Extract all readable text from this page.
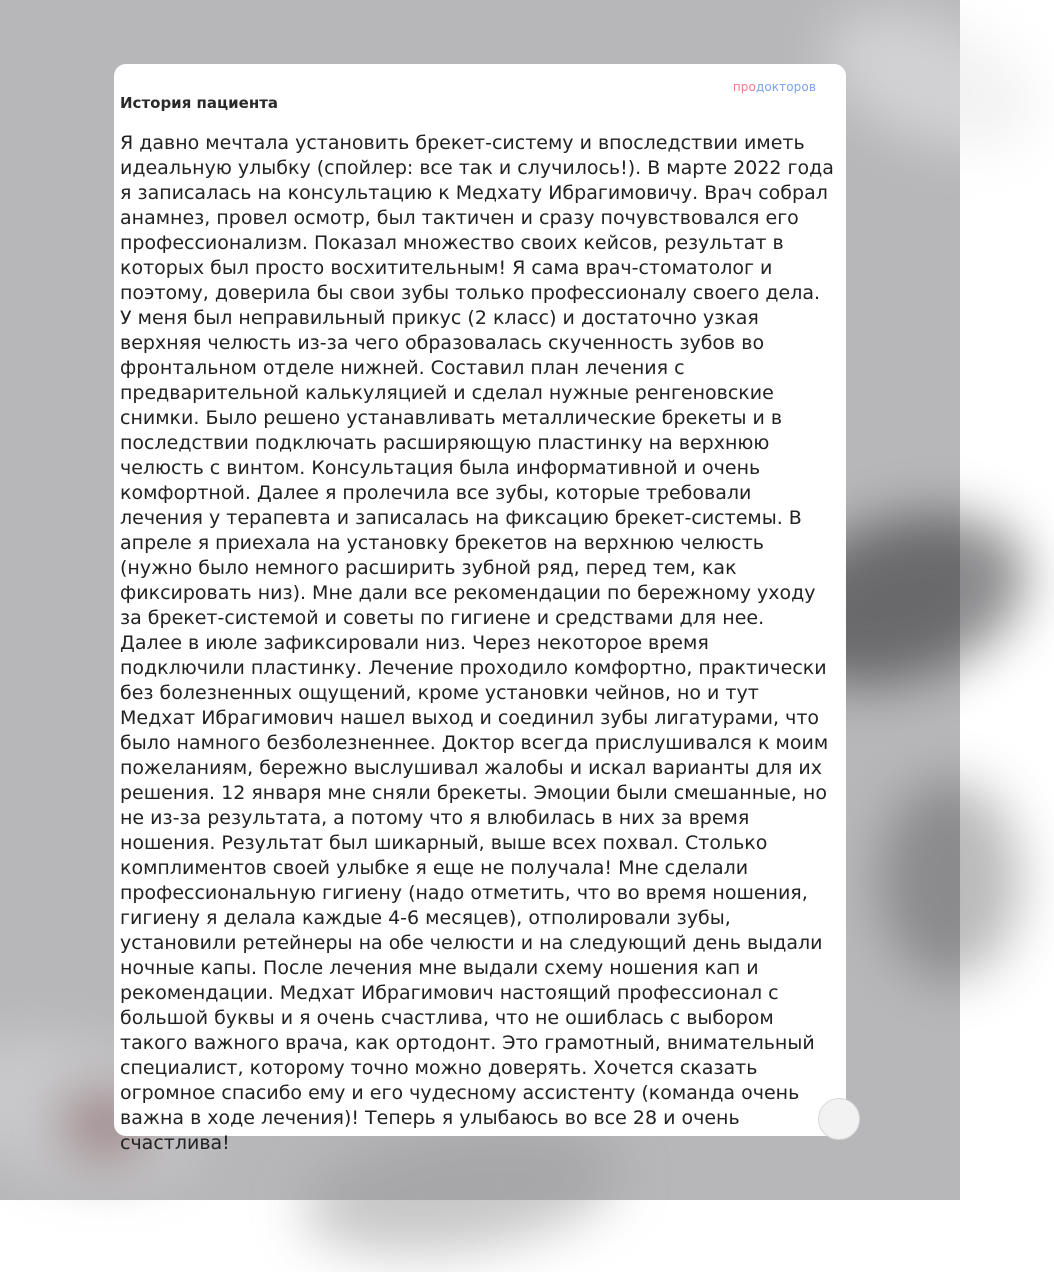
История пациента
продокторов
Я давно мечтала установить брекет-систему и впоследствии иметь
идеальную улыбку (спойлер: все так и случилось!). В марте 2022 года
я записалась на консультацию к Медхату Ибрагимовичу. Врач собрал
анамнез, провел осмотр, был тактичен и сразу почувствовался его
профессионализм. Показал множество своих кейсов, результат в
которых был просто восхитительным! Я сама врач-стоматолог и
поэтому, доверила бы свои зубы только профессионалу своего дела.
У меня был неправильный прикус (2 класс) и достаточно узкая
верхняя челюсть из-за чего образовалась скученность зубов во
фронтальном отделе нижней. Составил план лечения с
предварительной калькуляцией и сделал нужные ренгеновские
снимки. Было решено устанавливать металлические брекеты и в
последствии подключать расширяющую пластинку на верхнюю
челюсть с винтом. Консультация была информативной и очень
комфортной. Далее я пролечила все зубы, которые требовали
лечения у терапевта и записалась на фиксацию брекет-системы. В
апреле я приехала на установку брекетов на верхнюю челюсть
(нужно было немного расширить зубной ряд, перед тем, как
фиксировать низ). Мне дали все рекомендации по бережному уходу
за брекет-системой и советы по гигиене и средствами для нее.
Далее в июле зафиксировали низ. Через некоторое время
подключили пластинку. Лечение проходило комфортно, практически
без болезненных ощущений, кроме установки чейнов, но и тут
Медхат Ибрагимович нашел выход и соединил зубы лигатурами, что
было намного безболезненнее. Доктор всегда прислушивался к моим
пожеланиям, бережно выслушивал жалобы и искал варианты для их
решения. 12 января мне сняли брекеты. Эмоции были смешанные, но
не из-за результата, а потому что я влюбилась в них за время
ношения. Результат был шикарный, выше всех похвал. Столько
комплиментов своей улыбке я еще не получала! Мне сделали
профессиональную гигиену (надо отметить, что во время ношения,
гигиену я делала каждые 4-6 месяцев), отполировали зубы,
установили ретейнеры на обе челюсти и на следующий день выдали
ночные капы. После лечения мне выдали схему ношения кап и
рекомендации. Медхат Ибрагимович настоящий профессионал с
большой буквы и я очень счастлива, что не ошиблась с выбором
такого важного врача, как ортодонт. Это грамотный, внимательный
специалист, которому точно можно доверять. Хочется сказать
огромное спасибо ему и его чудесному ассистенту (команда очень
важна в ходе лечения)! Теперь я улыбаюсь во все 28 и очень
счастлива!
